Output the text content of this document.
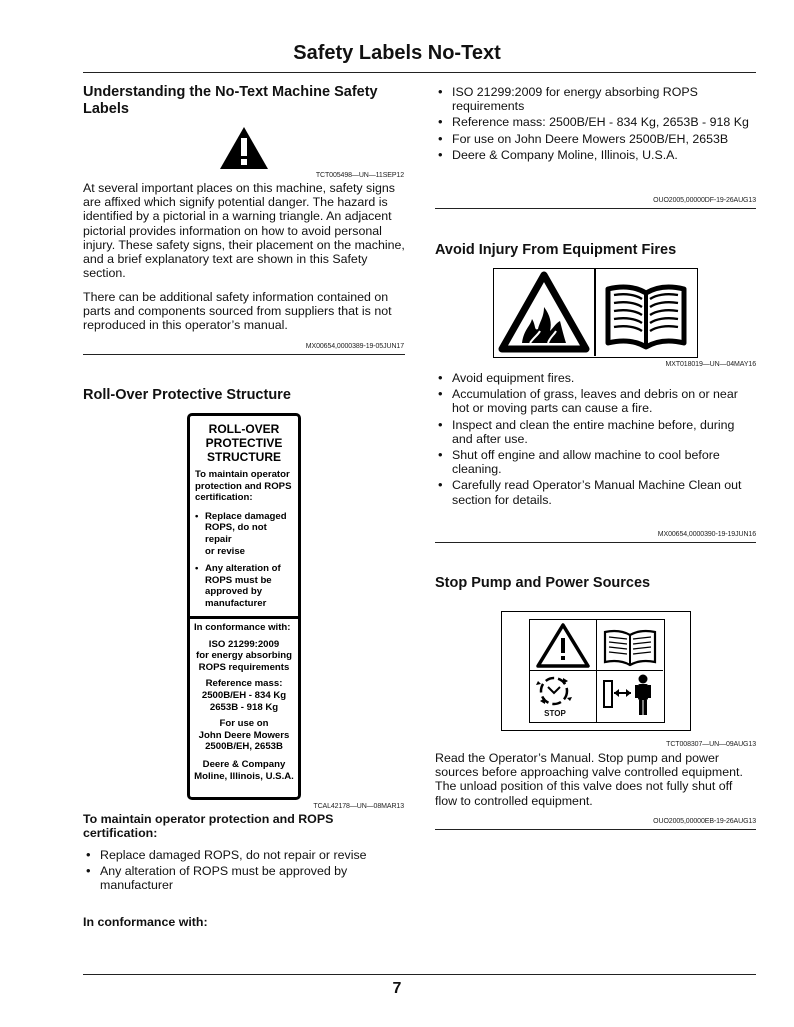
Safety Labels No-Text
Understanding the No-Text Machine Safety Labels
TCT005498—UN—11SEP12
At several important places on this machine, safety signs are affixed which signify potential danger. The hazard is identified by a pictorial in a warning triangle. An adjacent pictorial provides information on how to avoid personal injury. These safety signs, their placement on the machine, and a brief explanatory text are shown in this Safety section.
There can be additional safety information contained on parts and components sourced from suppliers that is not reproduced in this operator’s manual.
MX00654,0000389-19-05JUN17
Roll-Over Protective Structure
ROLL-OVER
PROTECTIVE
STRUCTURE
To maintain operator
protection and ROPS
certification:
• Replace damaged
ROPS, do not repair
or revise
• Any alteration of
ROPS must be
approved by
manufacturer
In conformance with:
ISO 21299:2009
for energy absorbing
ROPS requirements
Reference mass:
2500B/EH - 834 Kg
2653B - 918 Kg
For use on
John Deere Mowers
2500B/EH, 2653B
Deere & Company
Moline, Illinois, U.S.A.
TCAL42178—UN—08MAR13
To maintain operator protection and ROPS certification:
• Replace damaged ROPS, do not repair or revise
• Any alteration of ROPS must be approved by manufacturer
In conformance with:
• ISO 21299:2009 for energy absorbing ROPS requirements
• Reference mass: 2500B/EH - 834 Kg, 2653B - 918 Kg
• For use on John Deere Mowers 2500B/EH, 2653B
• Deere & Company Moline, Illinois, U.S.A.
OUO2005,00000DF-19-26AUG13
Avoid Injury From Equipment Fires
MXT018019—UN—04MAY16
• Avoid equipment fires.
• Accumulation of grass, leaves and debris on or near hot or moving parts can cause a fire.
• Inspect and clean the entire machine before, during and after use.
• Shut off engine and allow machine to cool before cleaning.
• Carefully read Operator’s Manual Machine Clean out section for details.
MX00654,0000390-19-19JUN16
Stop Pump and Power Sources
STOP
TCT008307—UN—09AUG13
Read the Operator’s Manual. Stop pump and power sources before approaching valve controlled equipment. The unload position of this valve does not fully shut off flow to controlled equipment.
OUO2005,00000EB-19-26AUG13
7
